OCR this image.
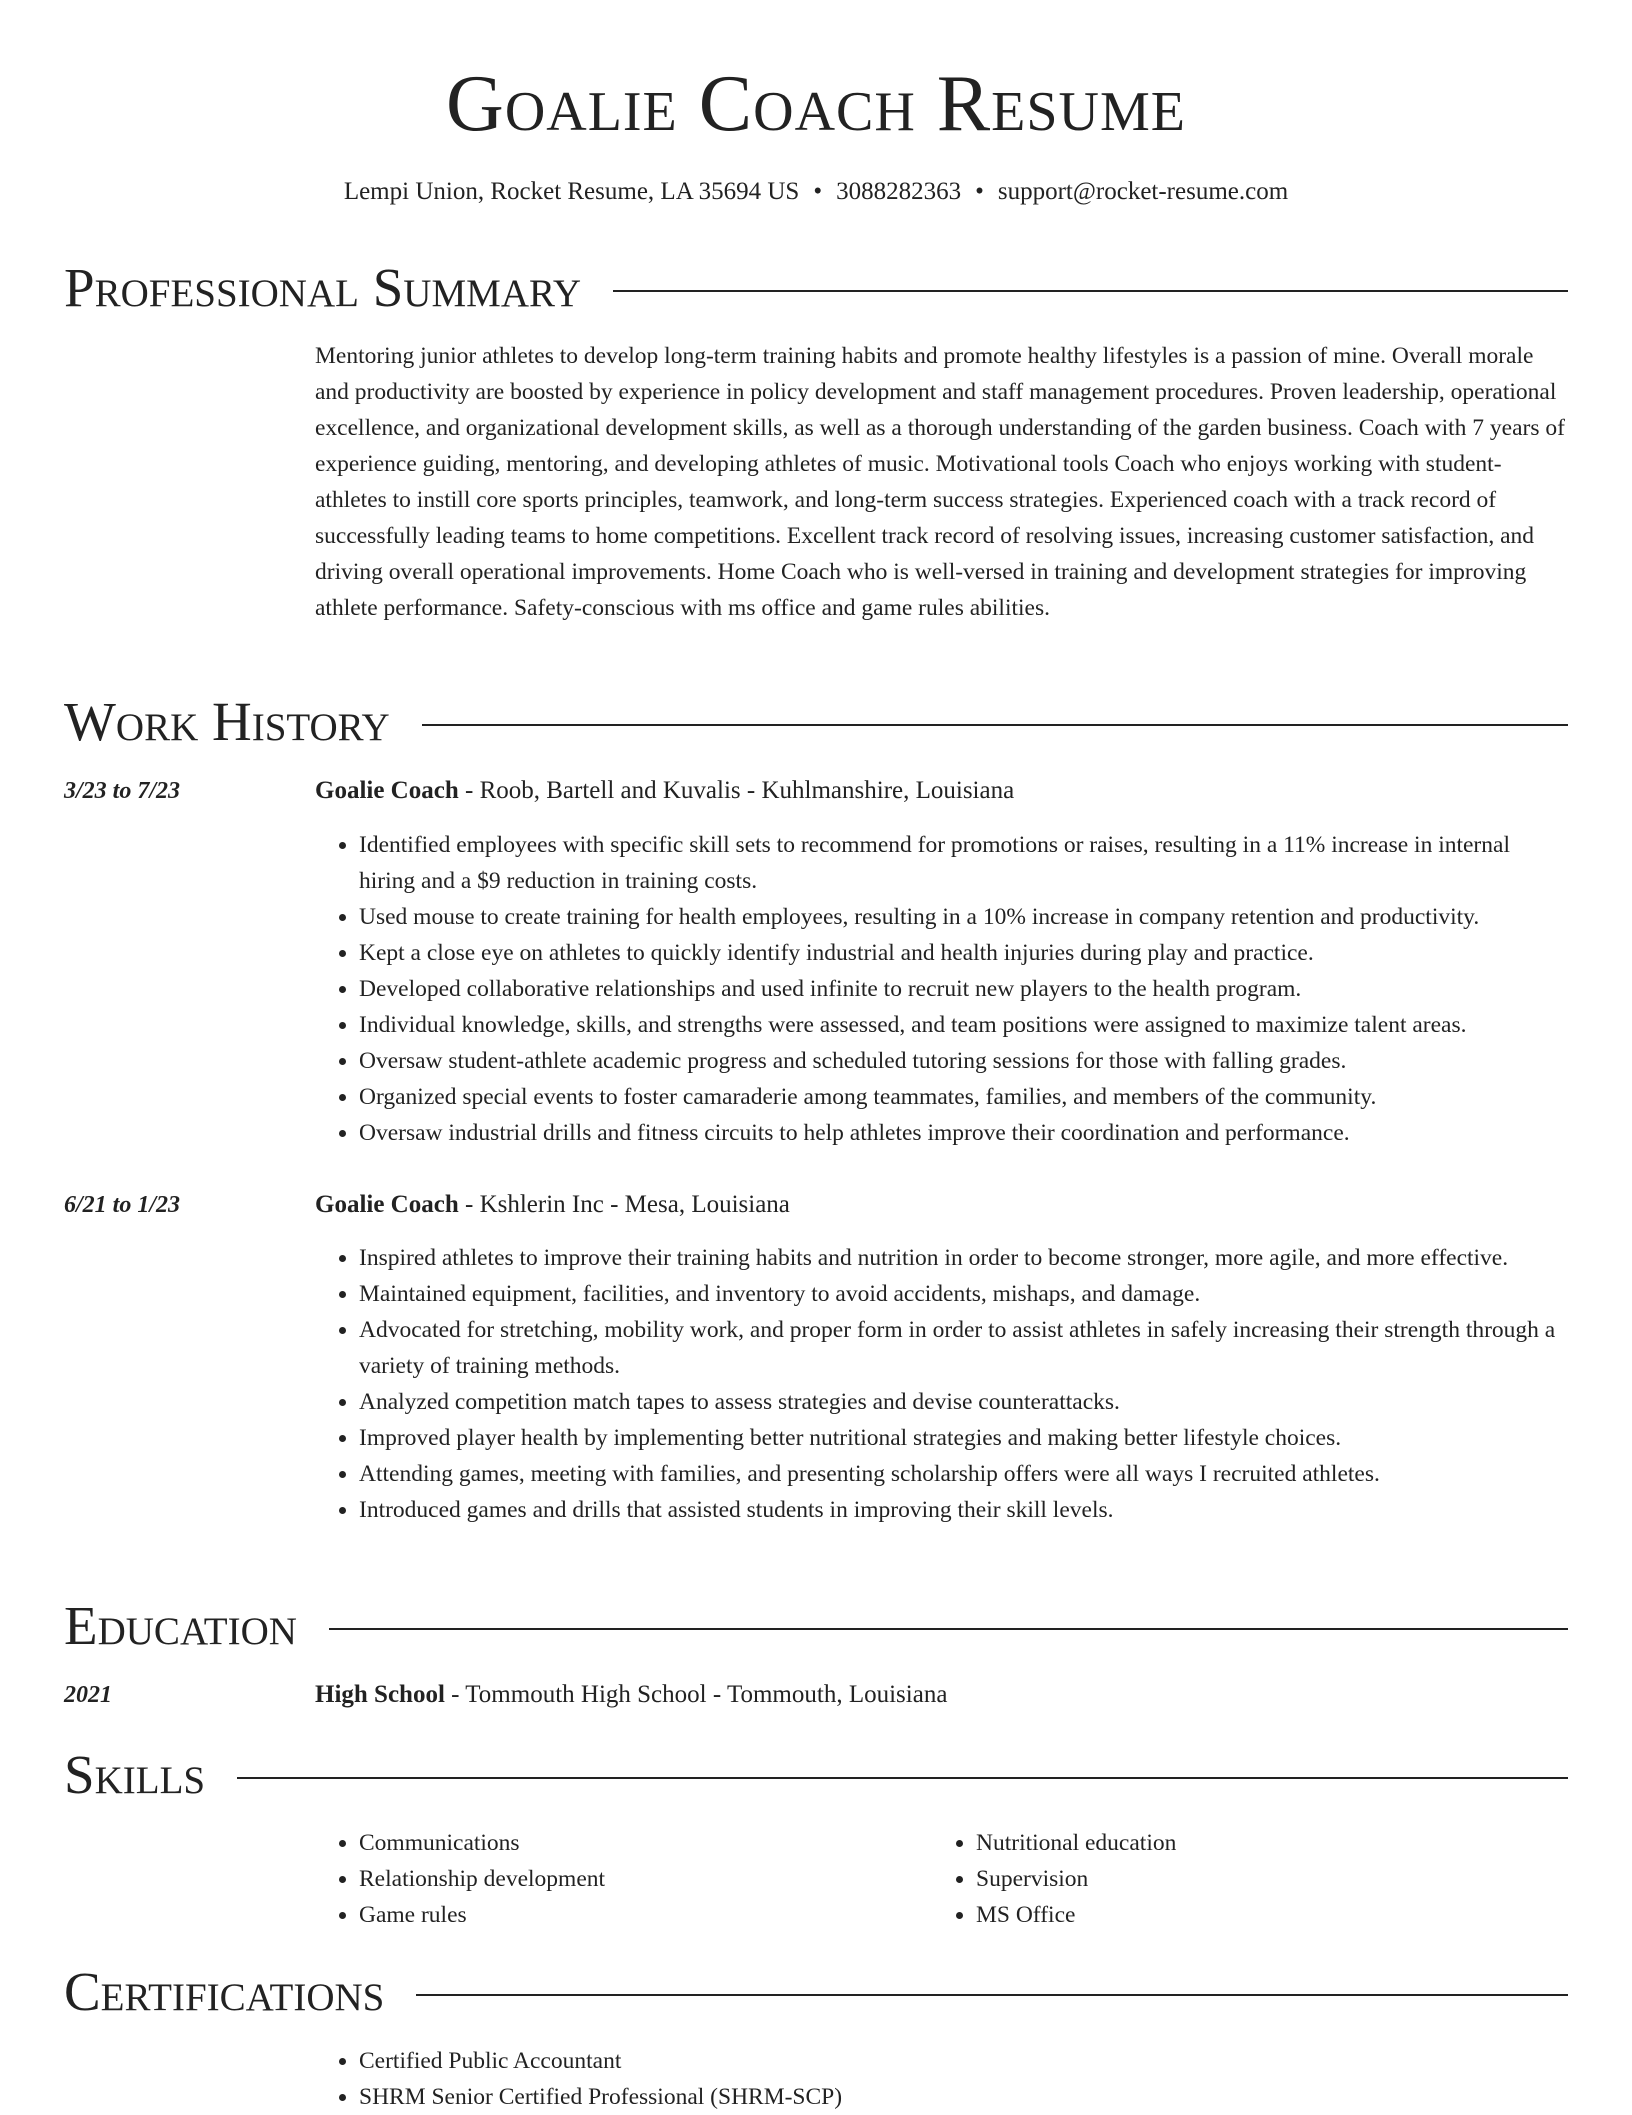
Goalie Coach Resume
Lempi Union, Rocket Resume, LA 35694 US • 3088282363 • support@rocket-resume.com
Professional Summary
Mentoring junior athletes to develop long-term training habits and promote healthy lifestyles is a passion of mine. Overall morale and productivity are boosted by experience in policy development and staff management procedures. Proven leadership, operational excellence, and organizational development skills, as well as a thorough understanding of the garden business. Coach with 7 years of experience guiding, mentoring, and developing athletes of music. Motivational tools Coach who enjoys working with student-athletes to instill core sports principles, teamwork, and long-term success strategies. Experienced coach with a track record of successfully leading teams to home competitions. Excellent track record of resolving issues, increasing customer satisfaction, and driving overall operational improvements. Home Coach who is well-versed in training and development strategies for improving athlete performance. Safety-conscious with ms office and game rules abilities.
Work History
3/23 to 7/23	Goalie Coach - Roob, Bartell and Kuvalis - Kuhlmanshire, Louisiana
• Identified employees with specific skill sets to recommend for promotions or raises, resulting in a 11% increase in internal hiring and a $9 reduction in training costs.
• Used mouse to create training for health employees, resulting in a 10% increase in company retention and productivity.
• Kept a close eye on athletes to quickly identify industrial and health injuries during play and practice.
• Developed collaborative relationships and used infinite to recruit new players to the health program.
• Individual knowledge, skills, and strengths were assessed, and team positions were assigned to maximize talent areas.
• Oversaw student-athlete academic progress and scheduled tutoring sessions for those with falling grades.
• Organized special events to foster camaraderie among teammates, families, and members of the community.
• Oversaw industrial drills and fitness circuits to help athletes improve their coordination and performance.
6/21 to 1/23	Goalie Coach - Kshlerin Inc - Mesa, Louisiana
• Inspired athletes to improve their training habits and nutrition in order to become stronger, more agile, and more effective.
• Maintained equipment, facilities, and inventory to avoid accidents, mishaps, and damage.
• Advocated for stretching, mobility work, and proper form in order to assist athletes in safely increasing their strength through a variety of training methods.
• Analyzed competition match tapes to assess strategies and devise counterattacks.
• Improved player health by implementing better nutritional strategies and making better lifestyle choices.
• Attending games, meeting with families, and presenting scholarship offers were all ways I recruited athletes.
• Introduced games and drills that assisted students in improving their skill levels.
Education
2021	High School - Tommouth High School - Tommouth, Louisiana
Skills
• Communications
• Relationship development
• Game rules
• Nutritional education
• Supervision
• MS Office
Certifications
• Certified Public Accountant
• SHRM Senior Certified Professional (SHRM-SCP)
